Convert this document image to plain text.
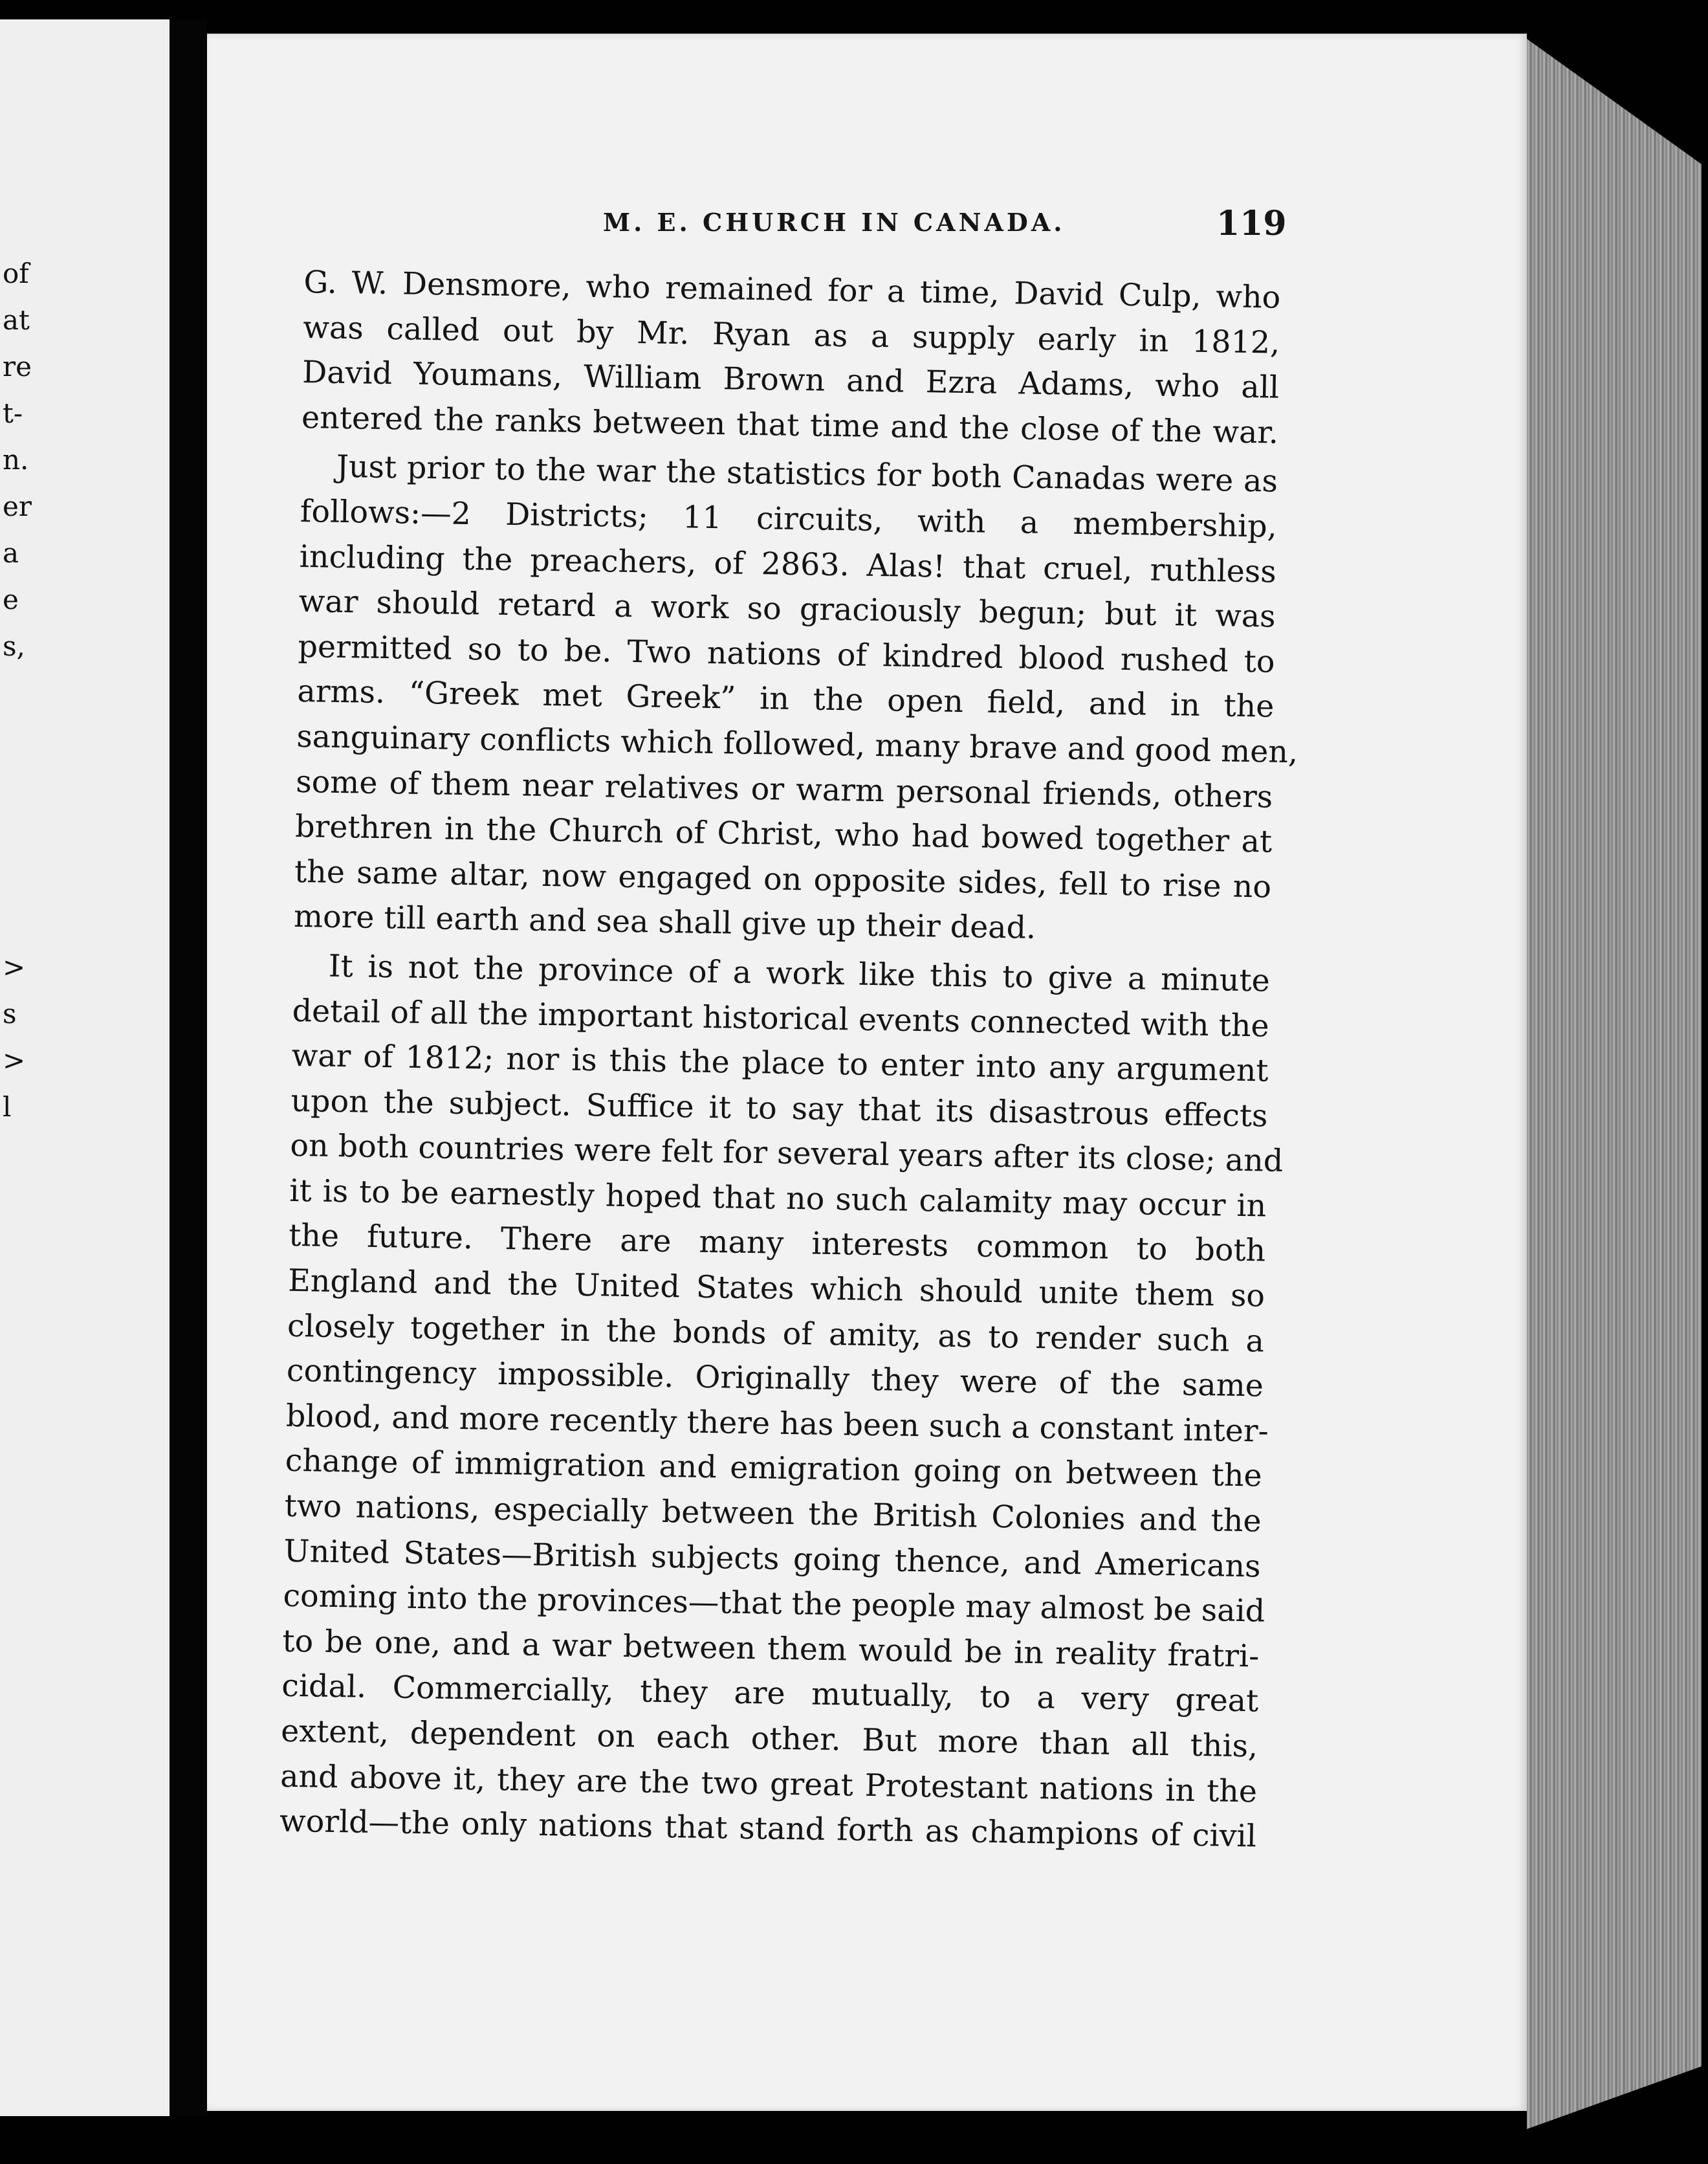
of
at
re
t-
n.
er
a
e
s,
>
s
>
l
M. E. CHURCH IN CANADA.	119
G. W. Densmore, who remained for a time, David Culp, who
was called out by Mr. Ryan as a supply early in 1812,
David Youmans, William Brown and Ezra Adams, who all
entered the ranks between that time and the close of the war.
Just prior to the war the statistics for both Canadas were as
follows:—2 Districts; 11 circuits, with a membership,
including the preachers, of 2863. Alas! that cruel, ruthless
war should retard a work so graciously begun; but it was
permitted so to be. Two nations of kindred blood rushed to
arms. “Greek met Greek” in the open field, and in the
sanguinary conflicts which followed, many brave and good men,
some of them near relatives or warm personal friends, others
brethren in the Church of Christ, who had bowed together at
the same altar, now engaged on opposite sides, fell to rise no
more till earth and sea shall give up their dead.
It is not the province of a work like this to give a minute
detail of all the important historical events connected with the
war of 1812; nor is this the place to enter into any argument
upon the subject. Suffice it to say that its disastrous effects
on both countries were felt for several years after its close; and
it is to be earnestly hoped that no such calamity may occur in
the future. There are many interests common to both
England and the United States which should unite them so
closely together in the bonds of amity, as to render such a
contingency impossible. Originally they were of the same
blood, and more recently there has been such a constant inter-
change of immigration and emigration going on between the
two nations, especially between the British Colonies and the
United States—British subjects going thence, and Americans
coming into the provinces—that the people may almost be said
to be one, and a war between them would be in reality fratri-
cidal. Commercially, they are mutually, to a very great
extent, dependent on each other. But more than all this,
and above it, they are the two great Protestant nations in the
world—the only nations that stand forth as champions of civil
